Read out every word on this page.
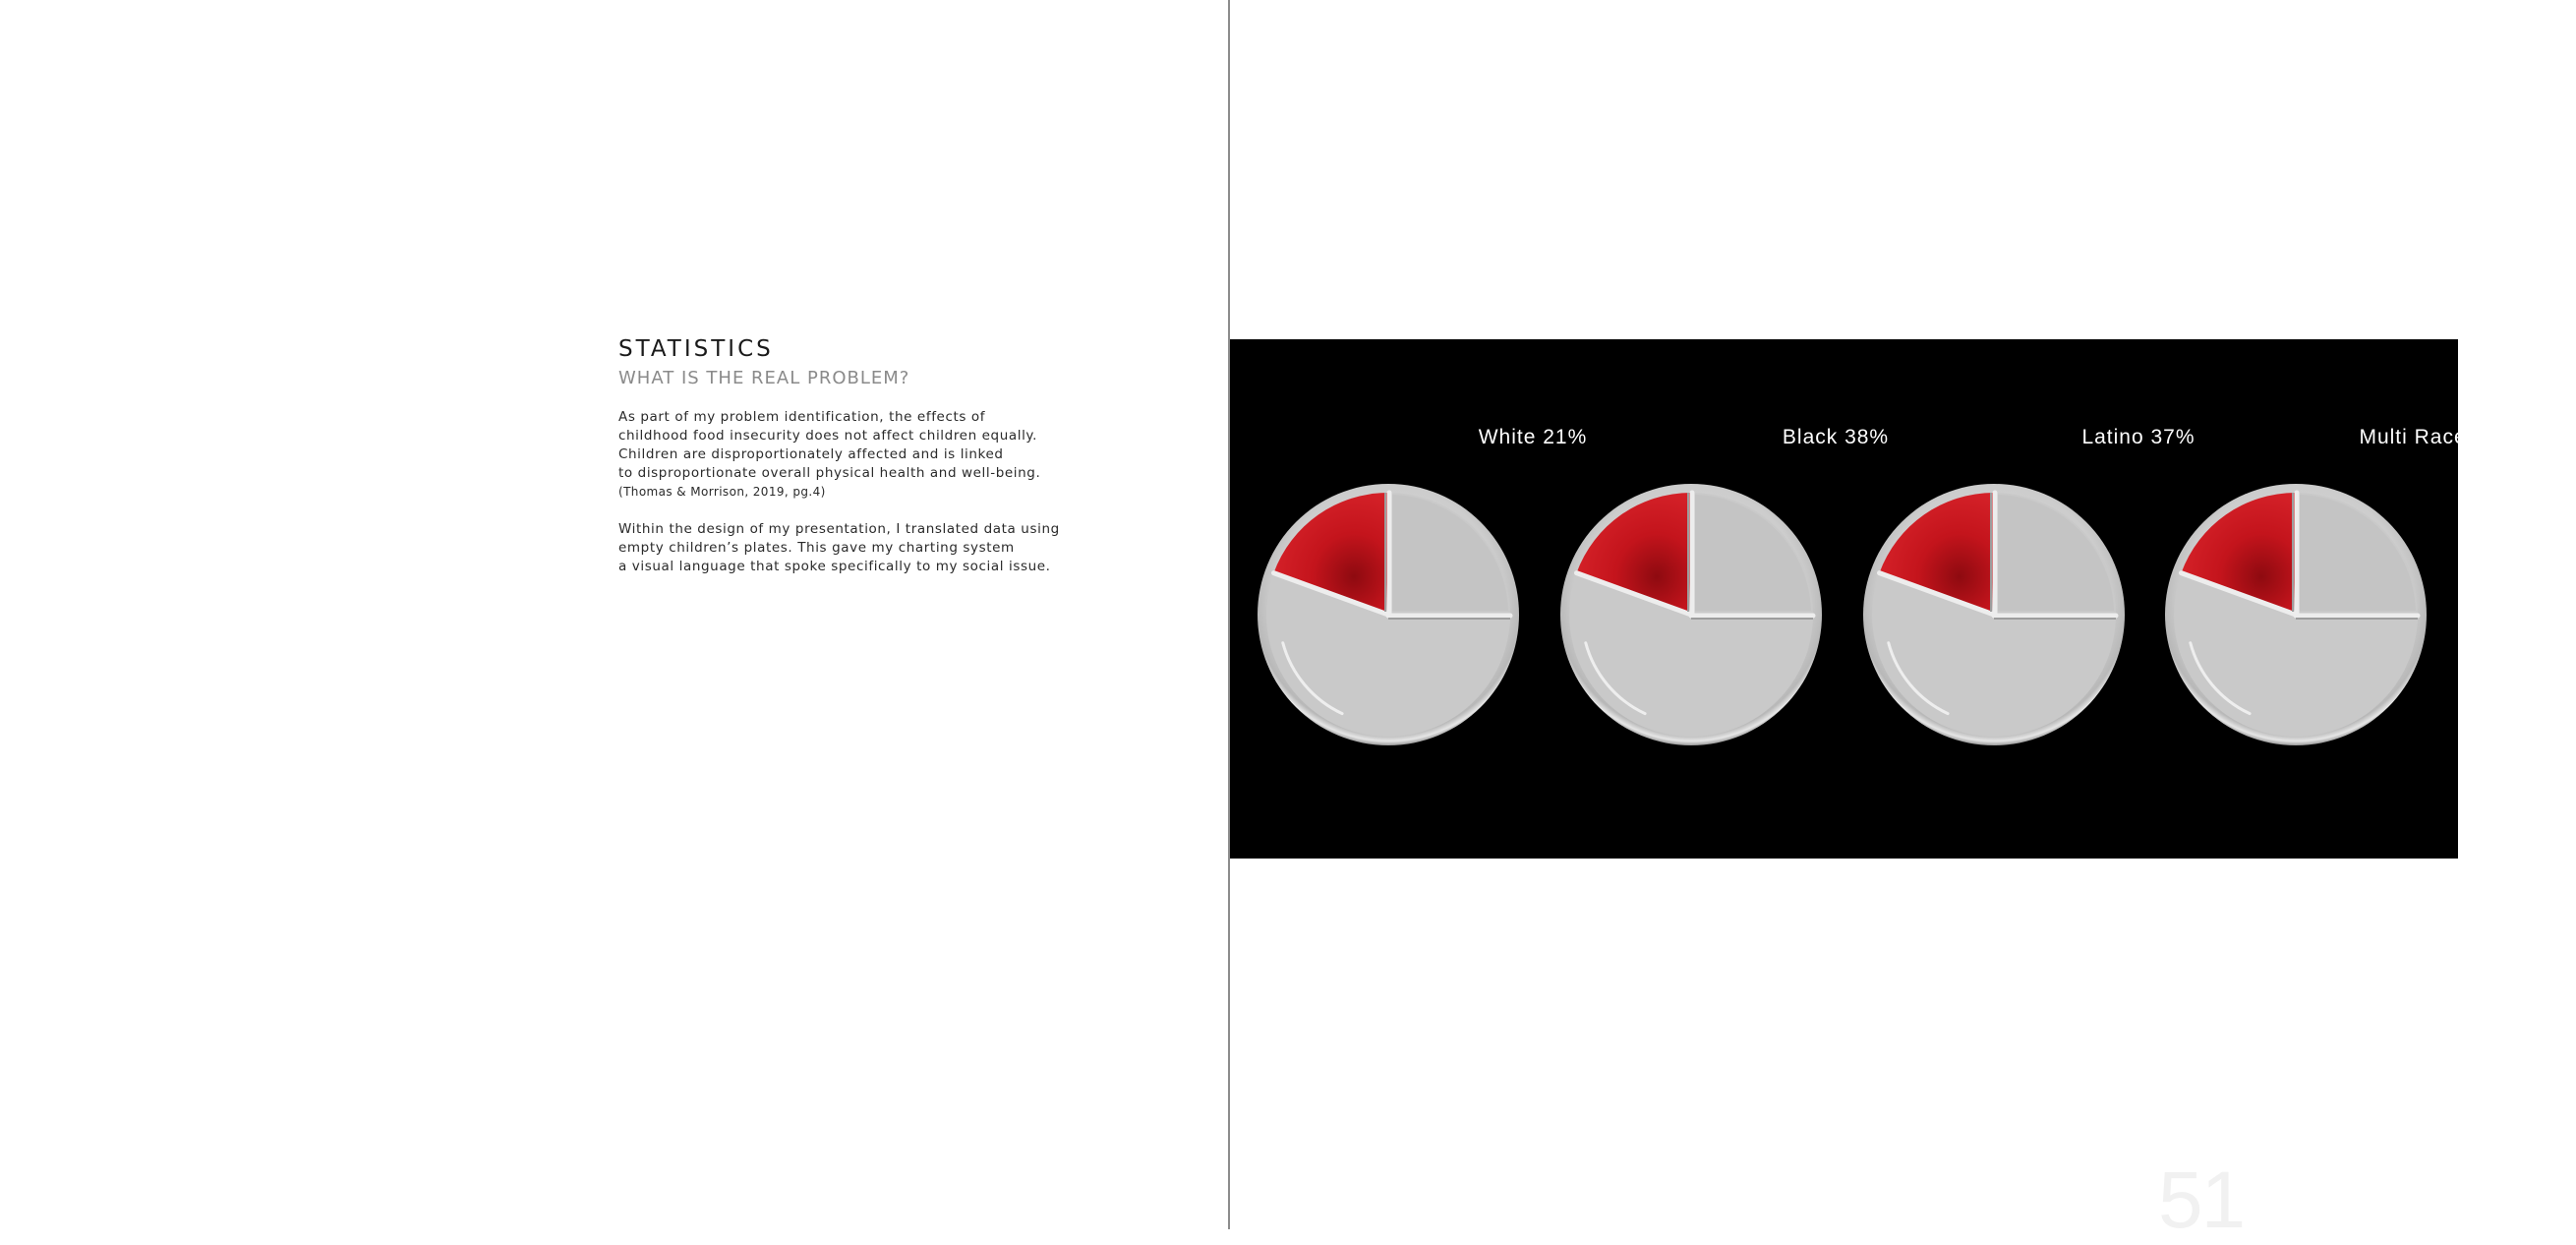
STATISTICS
WHAT IS THE REAL PROBLEM?

As part of my problem identification, the effects of
childhood food insecurity does not affect children equally.
Children are disproportionately affected and is linked
to disproportionate overall physical health and well-being.
(Thomas & Morrison, 2019, pg.4)

Within the design of my presentation, I translated data using
empty children’s plates. This gave my charting system
a visual language that spoke specifically to my social issue.

White 21%	Black 38%	Latino 37%	Multi Race 31%
51
